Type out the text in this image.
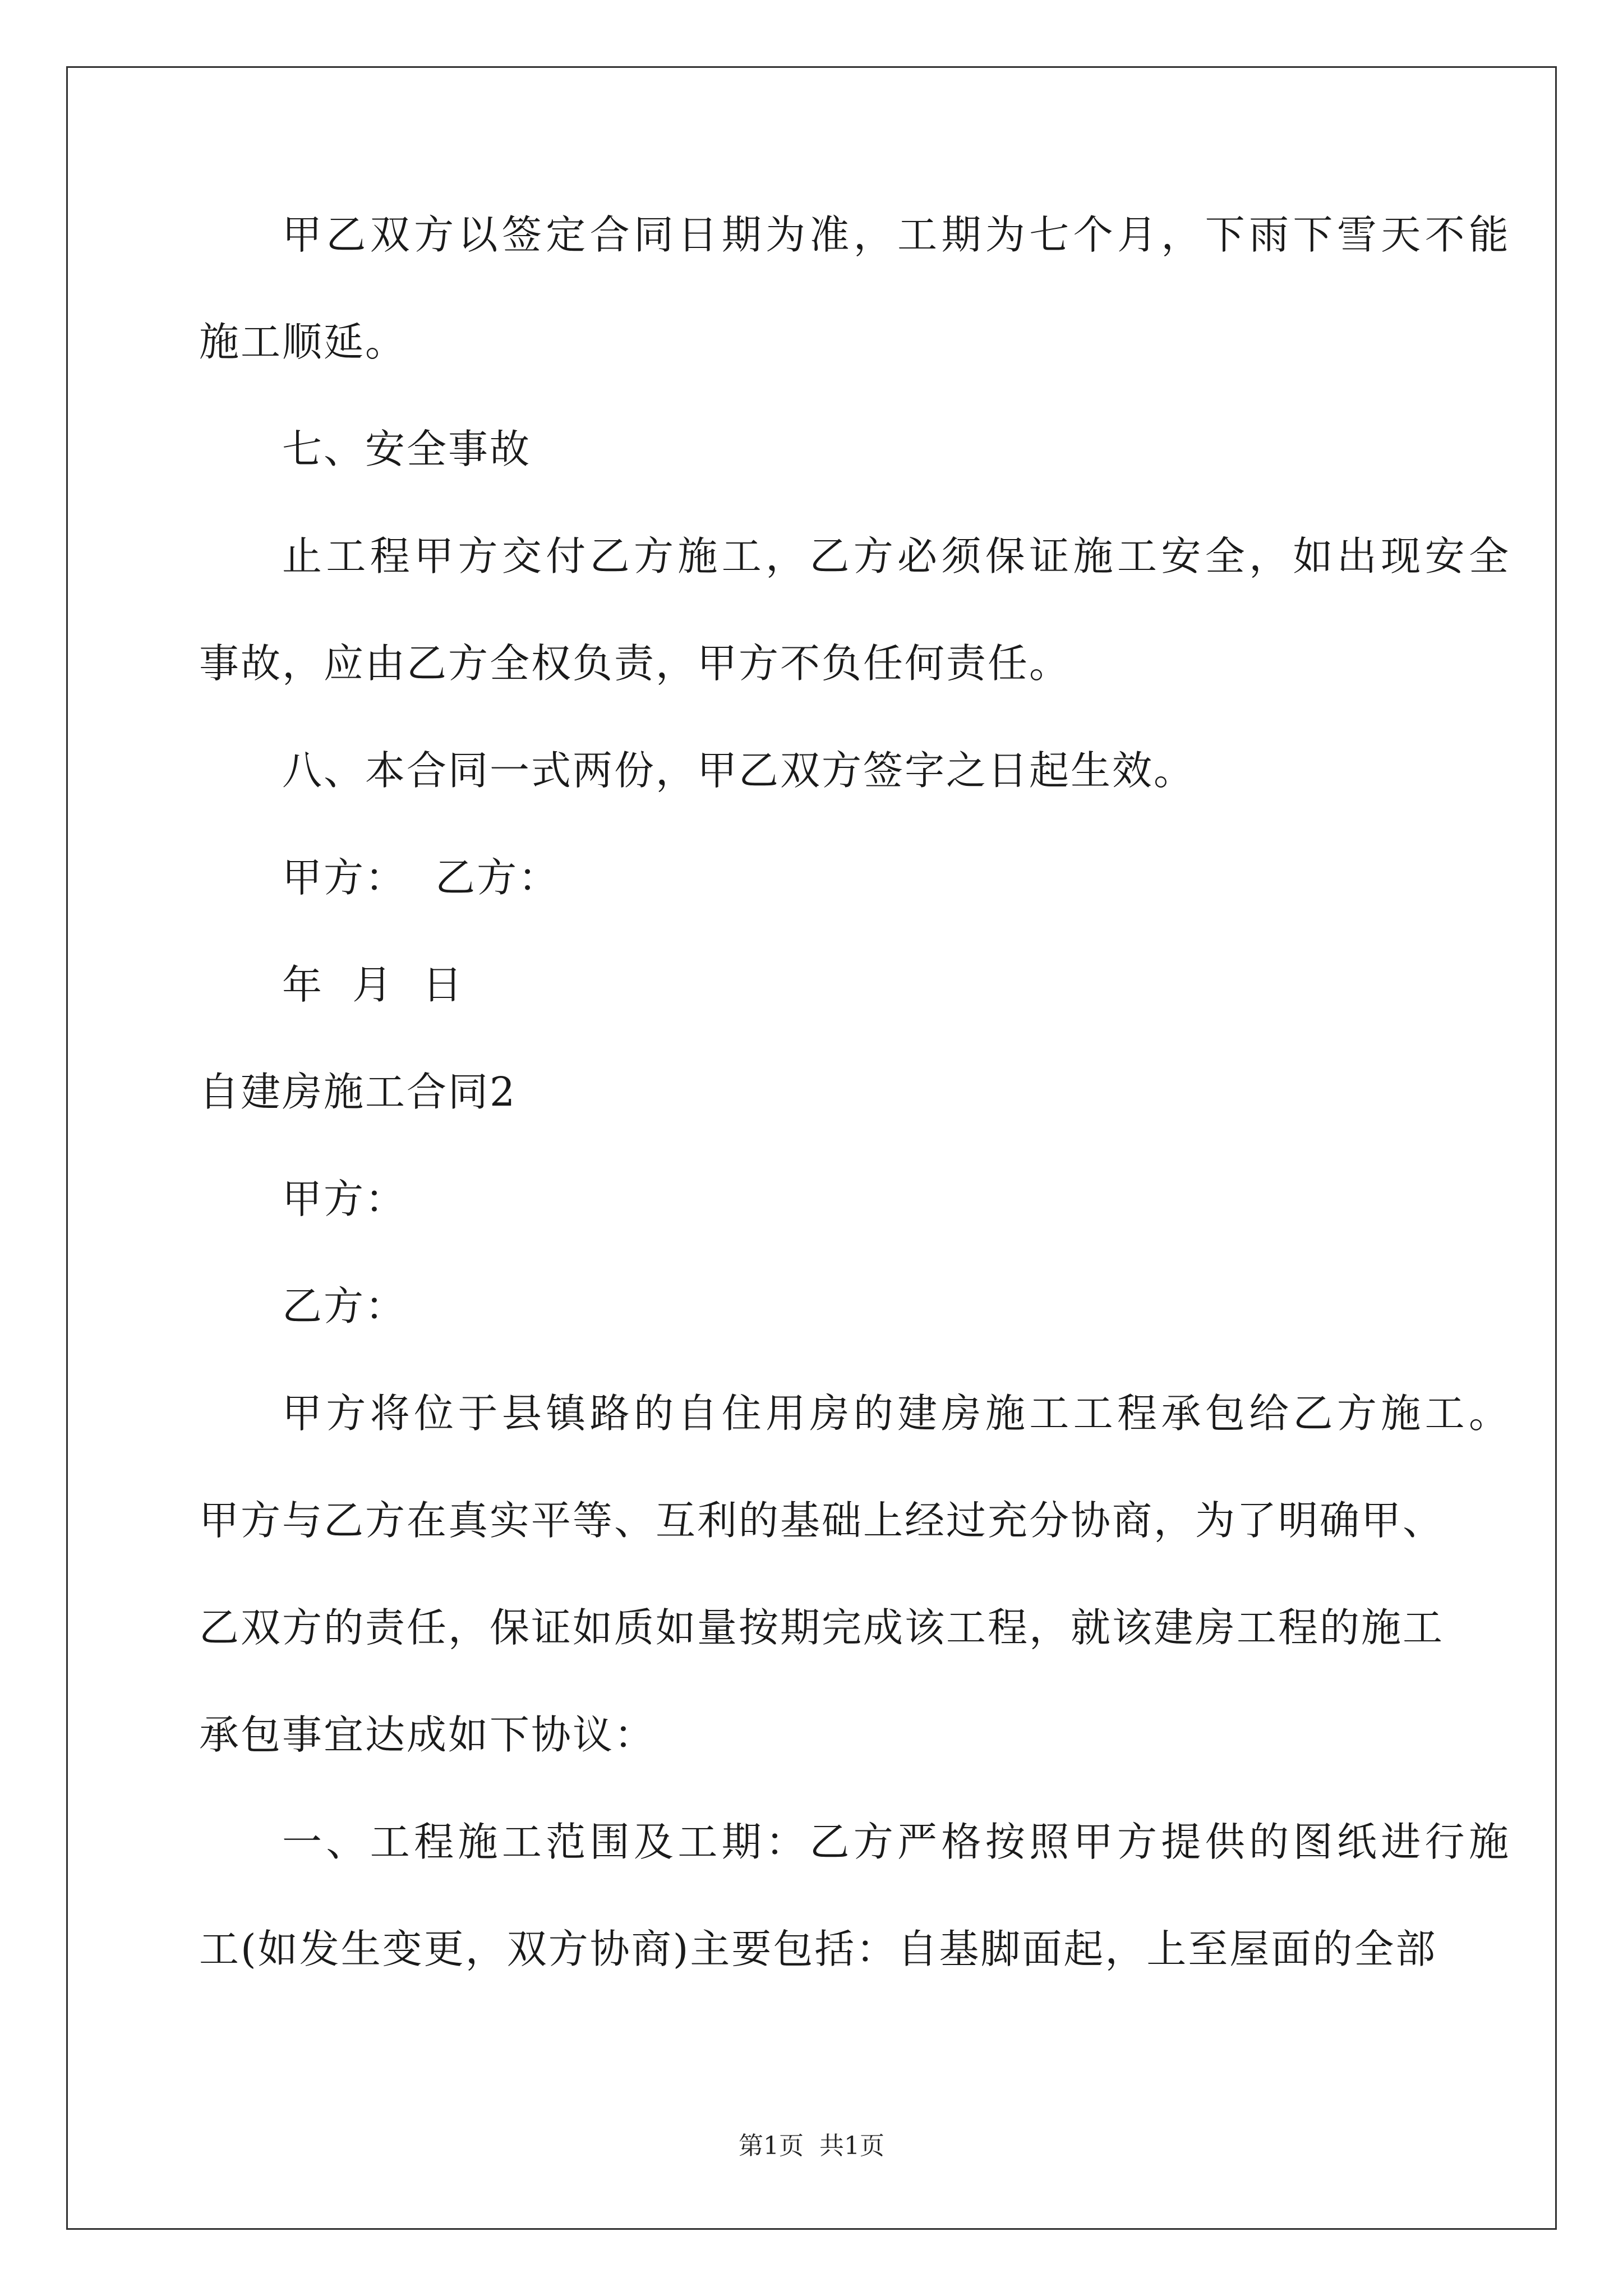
甲乙双方以签定合同日期为准，工期为七个月，下雨下雪天不能
施工顺延。
七、安全事故
止工程甲方交付乙方施工，乙方必须保证施工安全，如出现安全
事故，应由乙方全权负责，甲方不负任何责任。
八、本合同一式两份，甲乙双方签字之日起生效。
甲方：  乙方：
年  月  日
自建房施工合同2
甲方：
乙方：
甲方将位于县镇路的自住用房的建房施工工程承包给乙方施工。
甲方与乙方在真实平等、互利的基础上经过充分协商，为了明确甲、
乙双方的责任，保证如质如量按期完成该工程，就该建房工程的施工
承包事宜达成如下协议：
一、工程施工范围及工期：乙方严格按照甲方提供的图纸进行施
工(如发生变更，双方协商)主要包括：自基脚面起，上至屋面的全部
第1页 共1页
